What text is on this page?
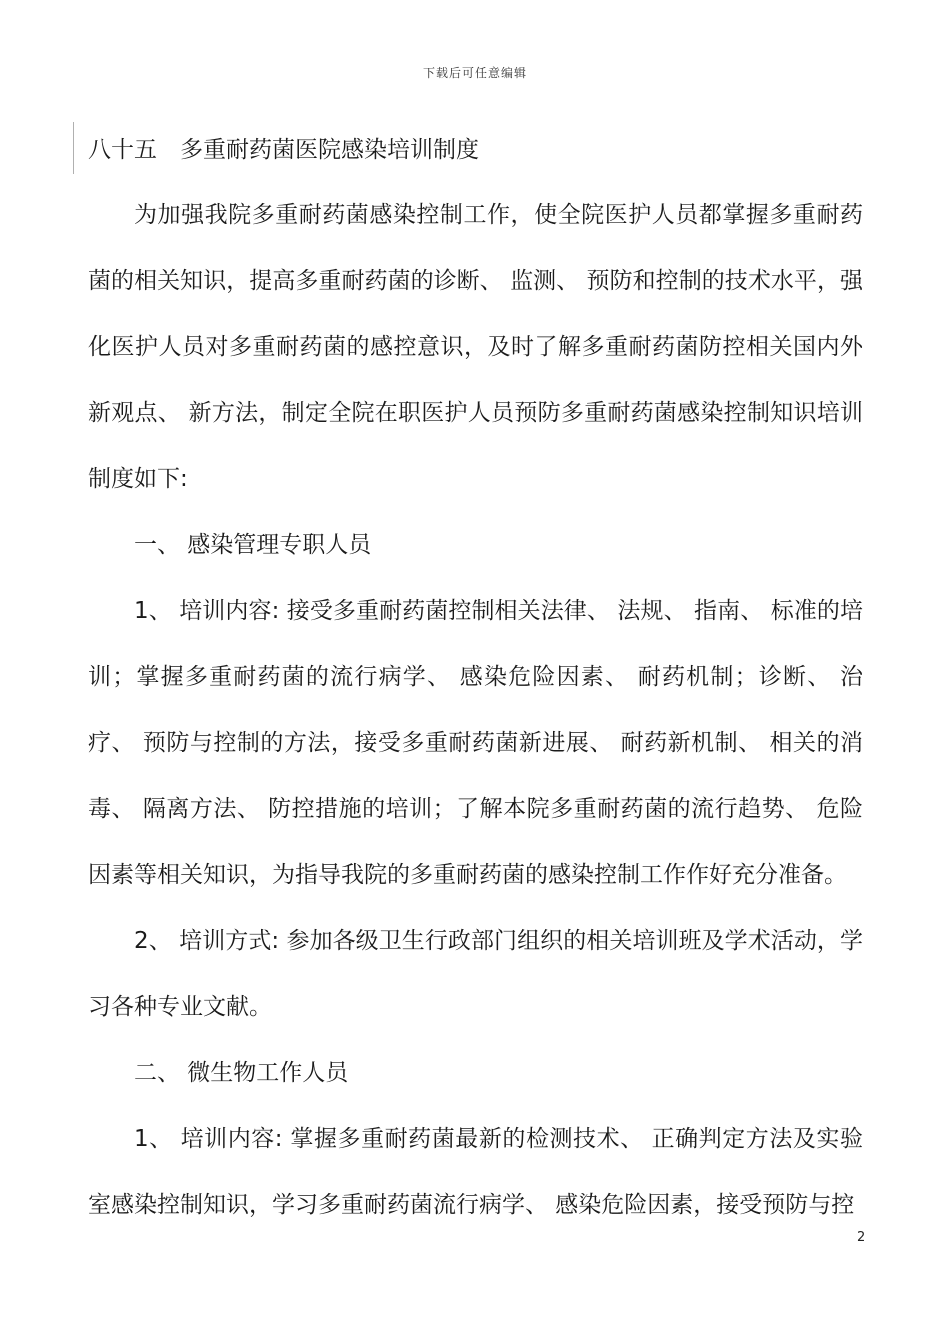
下载后可任意编辑
八十五　多重耐药菌医院感染培训制度

为加强我院多重耐药菌感染控制工作，使全院医护人员都掌握多重耐药菌的相关知识，提高多重耐药菌的诊断、 监测、 预防和控制的技术水平，强化医护人员对多重耐药菌的感控意识，及时了解多重耐药菌防控相关国内外新观点、 新方法，制定全院在职医护人员预防多重耐药菌感染控制知识培训制度如下:

一、 感染管理专职人员

1、 培训内容: 接受多重耐药菌控制相关法律、 法规、 指南、 标准的培训；掌握多重耐药菌的流行病学、 感染危险因素、 耐药机制；诊断、 治疗、 预防与控制的方法，接受多重耐药菌新进展、 耐药新机制、 相关的消毒、 隔离方法、 防控措施的培训；了解本院多重耐药菌的流行趋势、 危险因素等相关知识，为指导我院的多重耐药菌的感染控制工作作好充分准备。

2、 培训方式: 参加各级卫生行政部门组织的相关培训班及学术活动，学习各种专业文献。

二、 微生物工作人员

1、 培训内容: 掌握多重耐药菌最新的检测技术、 正确判定方法及实验室感染控制知识，学习多重耐药菌流行病学、 感染危险因素，接受预防与控

2
